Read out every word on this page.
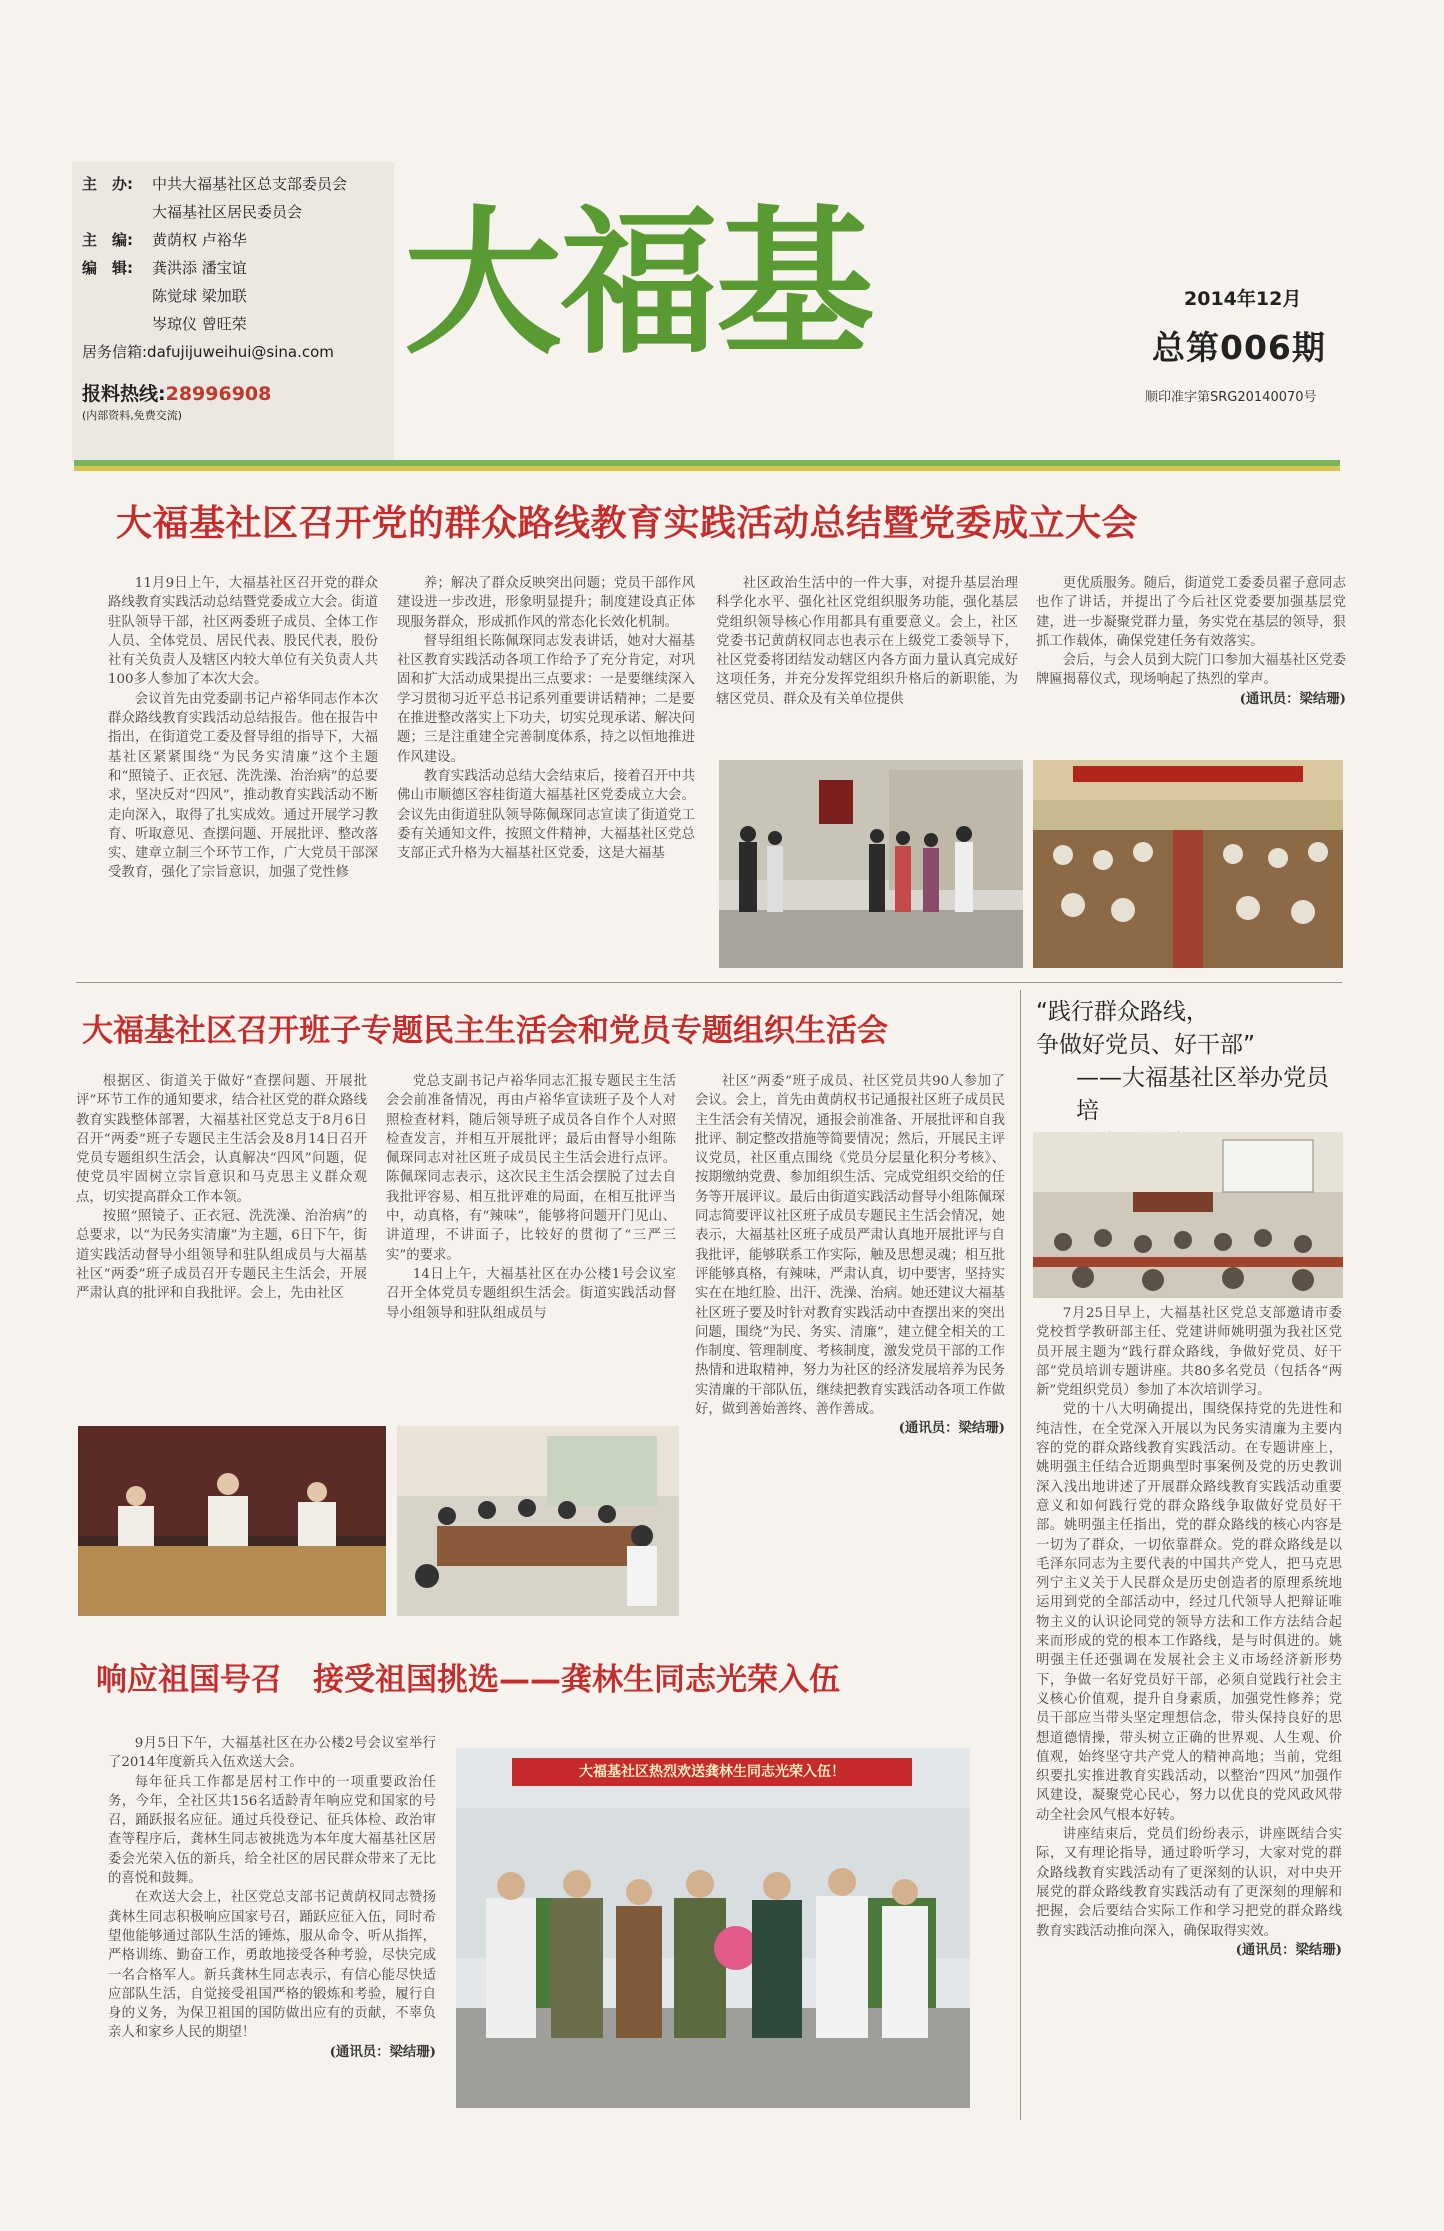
主　办: 中共大福基社区总支部委员会
大福基社区居民委员会
主　编: 黄荫权 卢裕华
编　辑: 龚洪添 潘宝谊
陈觉球 梁加联
岑琼仪 曾旺荣
居务信箱:dafujijuweihui@sina.com
报料热线:28996908
(内部资料,免费交流)
大福基	2014年12月
总第006期
顺印准字第SRG20140070号
大福基社区召开党的群众路线教育实践活动总结暨党委成立大会

11月9日上午，大福基社区召开党的群众路线教育实践活动总结暨党委成立大会。街道驻队领导干部，社区两委班子成员、全体工作人员、全体党员、居民代表、股民代表，股份社有关负责人及辖区内较大单位有关负责人共100多人参加了本次大会。

会议首先由党委副书记卢裕华同志作本次群众路线教育实践活动总结报告。他在报告中指出，在街道党工委及督导组的指导下，大福基社区紧紧围绕“为民务实清廉”这个主题和“照镜子、正衣冠、洗洗澡、治治病”的总要求，坚决反对“四风”，推动教育实践活动不断走向深入，取得了扎实成效。通过开展学习教育、听取意见、查摆问题、开展批评、整改落实、建章立制三个环节工作，广大党员干部深受教育，强化了宗旨意识，加强了党性修

养；解决了群众反映突出问题；党员干部作风建设进一步改进，形象明显提升；制度建设真正体现服务群众，形成抓作风的常态化长效化机制。

督导组组长陈佩琛同志发表讲话，她对大福基社区教育实践活动各项工作给予了充分肯定，对巩固和扩大活动成果提出三点要求：一是要继续深入学习贯彻习近平总书记系列重要讲话精神；二是要在推进整改落实上下功夫，切实兑现承诺、解决问题；三是注重建全完善制度体系，持之以恒地推进作风建设。

教育实践活动总结大会结束后，接着召开中共佛山市顺德区容桂街道大福基社区党委成立大会。会议先由街道驻队领导陈佩琛同志宣读了街道党工委有关通知文件，按照文件精神，大福基社区党总支部正式升格为大福基社区党委，这是大福基

社区政治生活中的一件大事，对提升基层治理科学化水平、强化社区党组织服务功能，强化基层党组织领导核心作用都具有重要意义。会上，社区党委书记黄荫权同志也表示在上级党工委领导下，社区党委将团结发动辖区内各方面力量认真完成好这项任务，并充分发挥党组织升格后的新职能，为辖区党员、群众及有关单位提供

更优质服务。随后，街道党工委委员翟子意同志也作了讲话，并提出了今后社区党委要加强基层党建，进一步凝聚党群力量，务实党在基层的领导，狠抓工作载体，确保党建任务有效落实。

会后，与会人员到大院门口参加大福基社区党委牌匾揭幕仪式，现场响起了热烈的掌声。

(通讯员：梁结珊)

大福基社区召开班子专题民主生活会和党员专题组织生活会

根据区、街道关于做好“查摆问题、开展批评”环节工作的通知要求，结合社区党的群众路线教育实践整体部署，大福基社区党总支于8月6日召开“两委”班子专题民主生活会及8月14日召开党员专题组织生活会，认真解决“四风”问题，促使党员牢固树立宗旨意识和马克思主义群众观点，切实提高群众工作本领。

按照“照镜子、正衣冠、洗洗澡、治治病”的总要求，以“为民务实清廉”为主题，6日下午，街道实践活动督导小组领导和驻队组成员与大福基社区“两委”班子成员召开专题民主生活会，开展严肃认真的批评和自我批评。会上，先由社区

党总支副书记卢裕华同志汇报专题民主生活会会前准备情况，再由卢裕华宣读班子及个人对照检查材料，随后领导班子成员各自作个人对照检查发言，并相互开展批评；最后由督导小组陈佩琛同志对社区班子成员民主生活会进行点评。陈佩琛同志表示，这次民主生活会摆脱了过去自我批评容易、相互批评难的局面，在相互批评当中，动真格，有“辣味”，能够将问题开门见山、讲道理，不讲面子，比较好的贯彻了“三严三实”的要求。

14日上午，大福基社区在办公楼1号会议室召开全体党员专题组织生活会。街道实践活动督导小组领导和驻队组成员与

社区“两委”班子成员、社区党员共90人参加了会议。会上，首先由黄荫权书记通报社区班子成员民主生活会有关情况，通报会前准备、开展批评和自我批评、制定整改措施等简要情况；然后，开展民主评议党员，社区重点围绕《党员分层量化积分考核》、按期缴纳党费、参加组织生活、完成党组织交给的任务等开展评议。最后由街道实践活动督导小组陈佩琛同志简要评议社区班子成员专题民主生活会情况，她表示，大福基社区班子成员严肃认真地开展批评与自我批评，能够联系工作实际，触及思想灵魂；相互批评能够真格，有辣味，严肃认真，切中要害，坚持实实在在地红脸、出汗、洗澡、治病。她还建议大福基社区班子要及时针对教育实践活动中查摆出来的突出问题，围绕“为民、务实、清廉”，建立健全相关的工作制度、管理制度、考核制度，激发党员干部的工作热情和进取精神，努力为社区的经济发展培养为民务实清廉的干部队伍，继续把教育实践活动各项工作做好，做到善始善终、善作善成。

(通讯员：梁结珊)

“践行群众路线，
争做好党员、好干部”
——大福基社区举办党员培

7月25日早上，大福基社区党总支部邀请市委党校哲学教研部主任、党建讲师姚明强为我社区党员开展主题为“践行群众路线，争做好党员、好干部”党员培训专题讲座。共80多名党员（包括各“两新”党组织党员）参加了本次培训学习。

党的十八大明确提出，围绕保持党的先进性和纯洁性，在全党深入开展以为民务实清廉为主要内容的党的群众路线教育实践活动。在专题讲座上，姚明强主任结合近期典型时事案例及党的历史教训深入浅出地讲述了开展群众路线教育实践活动重要意义和如何践行党的群众路线争取做好党员好干部。姚明强主任指出，党的群众路线的核心内容是一切为了群众，一切依靠群众。党的群众路线是以毛泽东同志为主要代表的中国共产党人，把马克思列宁主义关于人民群众是历史创造者的原理系统地运用到党的全部活动中，经过几代领导人把辩证唯物主义的认识论同党的领导方法和工作方法结合起来而形成的党的根本工作路线，是与时俱进的。姚明强主任还强调在发展社会主义市场经济新形势下，争做一名好党员好干部，必须自觉践行社会主义核心价值观，提升自身素质，加强党性修养；党员干部应当带头坚定理想信念，带头保持良好的思想道德情操，带头树立正确的世界观、人生观、价值观，始终坚守共产党人的精神高地；当前，党组织要扎实推进教育实践活动，以整治“四风”加强作风建设，凝聚党心民心，努力以优良的党风政风带动全社会风气根本好转。

讲座结束后，党员们纷纷表示，讲座既结合实际，又有理论指导，通过聆听学习，大家对党的群众路线教育实践活动有了更深刻的认识，对中央开展党的群众路线教育实践活动有了更深刻的理解和把握，会后要结合实际工作和学习把党的群众路线教育实践活动推向深入，确保取得实效。

(通讯员：梁结珊)

响应祖国号召　接受祖国挑选——龚林生同志光荣入伍

9月5日下午，大福基社区在办公楼2号会议室举行了2014年度新兵入伍欢送大会。

每年征兵工作都是居村工作中的一项重要政治任务，今年，全社区共156名适龄青年响应党和国家的号召，踊跃报名应征。通过兵役登记、征兵体检、政治审查等程序后，龚林生同志被挑选为本年度大福基社区居委会光荣入伍的新兵，给全社区的居民群众带来了无比的喜悦和鼓舞。

在欢送大会上，社区党总支部书记黄荫权同志赞扬龚林生同志积极响应国家号召，踊跃应征入伍，同时希望他能够通过部队生活的锤炼，服从命令、听从指挥，严格训练、勤奋工作，勇敢地接受各种考验，尽快完成一名合格军人。新兵龚林生同志表示，有信心能尽快适应部队生活，自觉接受祖国严格的锻炼和考验，履行自身的义务，为保卫祖国的国防做出应有的贡献，不辜负亲人和家乡人民的期望！

(通讯员：梁结珊)

大福基社区热烈欢送龚林生同志光荣入伍！
